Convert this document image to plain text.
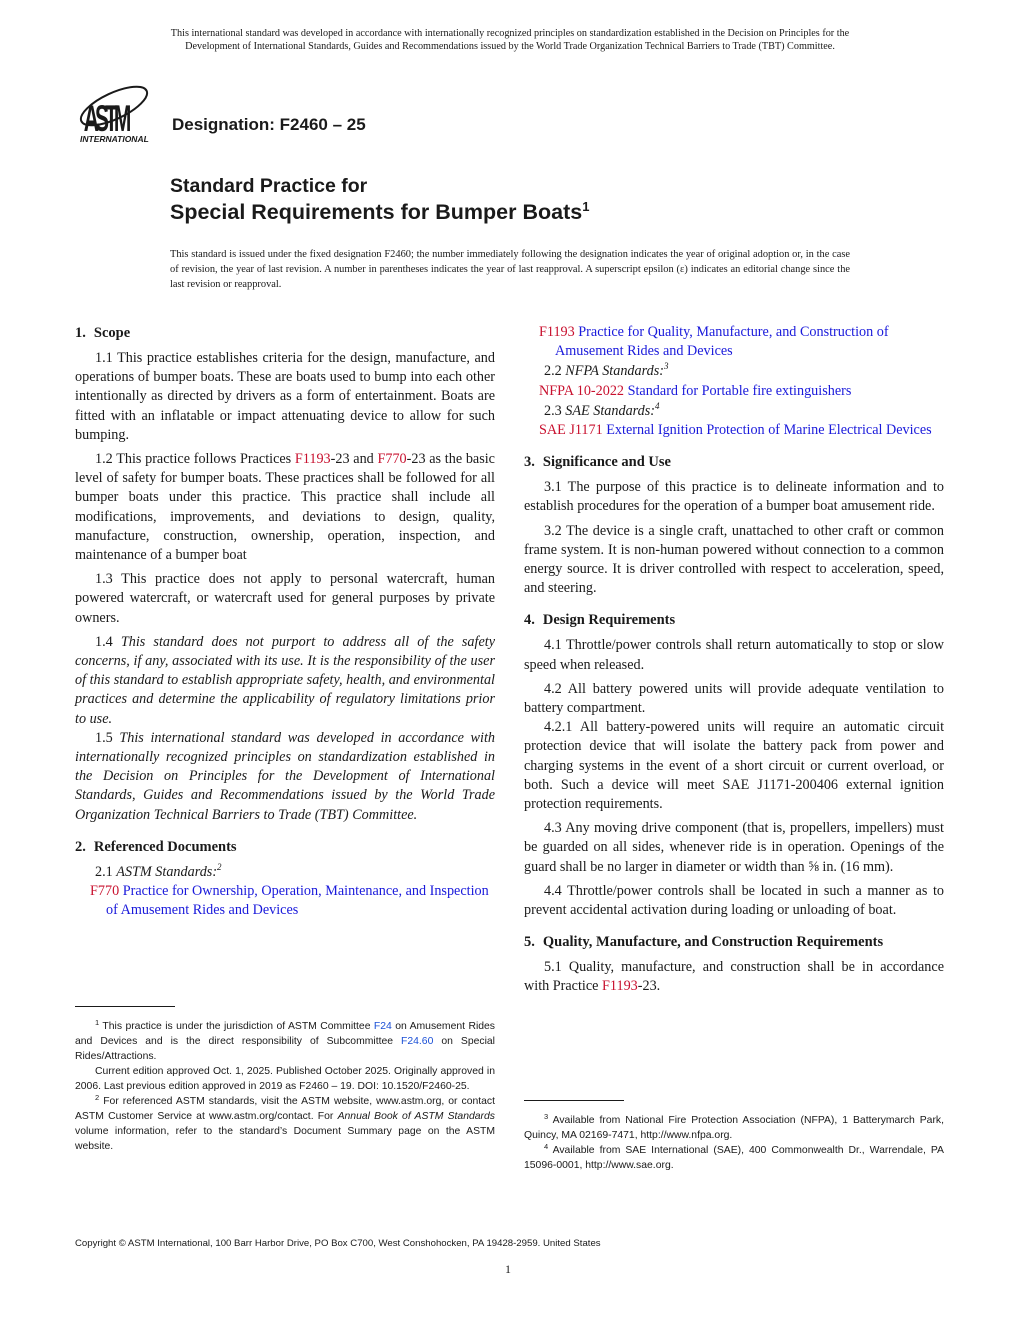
This international standard was developed in accordance with internationally recognized principles on standardization established in the Decision on Principles for the
Development of International Standards, Guides and Recommendations issued by the World Trade Organization Technical Barriers to Trade (TBT) Committee.
ASTM
INTERNATIONAL
Designation: F2460 – 25
Standard Practice for
Special Requirements for Bumper Boats$^1$
This standard is issued under the fixed designation F2460; the number immediately following the designation indicates the year of original adoption or, in the case of revision, the year of last revision. A number in parentheses indicates the year of last reapproval. A superscript epsilon (ε) indicates an editorial change since the last revision or reapproval.
1. Scope

1.1 This practice establishes criteria for the design, manufacture, and operations of bumper boats. These are boats used to bump into each other intentionally as directed by drivers as a form of entertainment. Boats are fitted with an inflatable or impact attenuating device to allow for such bumping.

1.2 This practice follows Practices F1193-23 and F770-23 as the basic level of safety for bumper boats. These practices shall be followed for all bumper boats under this practice. This practice shall include all modifications, improvements, and deviations to design, quality, manufacture, construction, ownership, operation, inspection, and maintenance of a bumper boat

1.3 This practice does not apply to personal watercraft, human powered watercraft, or watercraft used for general purposes by private owners.

1.4 This standard does not purport to address all of the safety concerns, if any, associated with its use. It is the responsibility of the user of this standard to establish appropriate safety, health, and environmental practices and determine the applicability of regulatory limitations prior to use.

1.5 This international standard was developed in accordance with internationally recognized principles on standardization established in the Decision on Principles for the Development of International Standards, Guides and Recommendations issued by the World Trade Organization Technical Barriers to Trade (TBT) Committee.

2. Referenced Documents

2.1 ASTM Standards:$^2$

F770 Practice for Ownership, Operation, Maintenance, and Inspection of Amusement Rides and Devices

$^1$ This practice is under the jurisdiction of ASTM Committee F24 on Amusement Rides and Devices and is the direct responsibility of Subcommittee F24.60 on Special Rides/Attractions.

Current edition approved Oct. 1, 2025. Published October 2025. Originally approved in 2006. Last previous edition approved in 2019 as F2460 – 19. DOI: 10.1520/F2460-25.

$^2$ For referenced ASTM standards, visit the ASTM website, www.astm.org, or contact ASTM Customer Service at www.astm.org/contact. For Annual Book of ASTM Standards volume information, refer to the standard’s Document Summary page on the ASTM website.

F1193 Practice for Quality, Manufacture, and Construction of Amusement Rides and Devices

2.2 NFPA Standards:$^3$

NFPA 10-2022 Standard for Portable fire extinguishers

2.3 SAE Standards:$^4$

SAE J1171 External Ignition Protection of Marine Electrical Devices

3. Significance and Use

3.1 The purpose of this practice is to delineate information and to establish procedures for the operation of a bumper boat amusement ride.

3.2 The device is a single craft, unattached to other craft or common frame system. It is non-human powered without connection to a common energy source. It is driver controlled with respect to acceleration, speed, and steering.

4. Design Requirements

4.1 Throttle/power controls shall return automatically to stop or slow speed when released.

4.2 All battery powered units will provide adequate ventilation to battery compartment.

4.2.1 All battery-powered units will require an automatic circuit protection device that will isolate the battery pack from power and charging systems in the event of a short circuit or current overload, or both. Such a device will meet SAE J1171-200406 external ignition protection requirements.

4.3 Any moving drive component (that is, propellers, impellers) must be guarded on all sides, whenever ride is in operation. Openings of the guard shall be no larger in diameter or width than ⅝ in. (16 mm).

4.4 Throttle/power controls shall be located in such a manner as to prevent accidental activation during loading or unloading of boat.

5. Quality, Manufacture, and Construction Requirements

5.1 Quality, manufacture, and construction shall be in accordance with Practice F1193-23.

$^3$ Available from National Fire Protection Association (NFPA), 1 Batterymarch Park, Quincy, MA 02169-7471, http://www.nfpa.org.

$^4$ Available from SAE International (SAE), 400 Commonwealth Dr., Warrendale, PA 15096-0001, http://www.sae.org.

Copyright © ASTM International, 100 Barr Harbor Drive, PO Box C700, West Conshohocken, PA 19428-2959. United States
1
